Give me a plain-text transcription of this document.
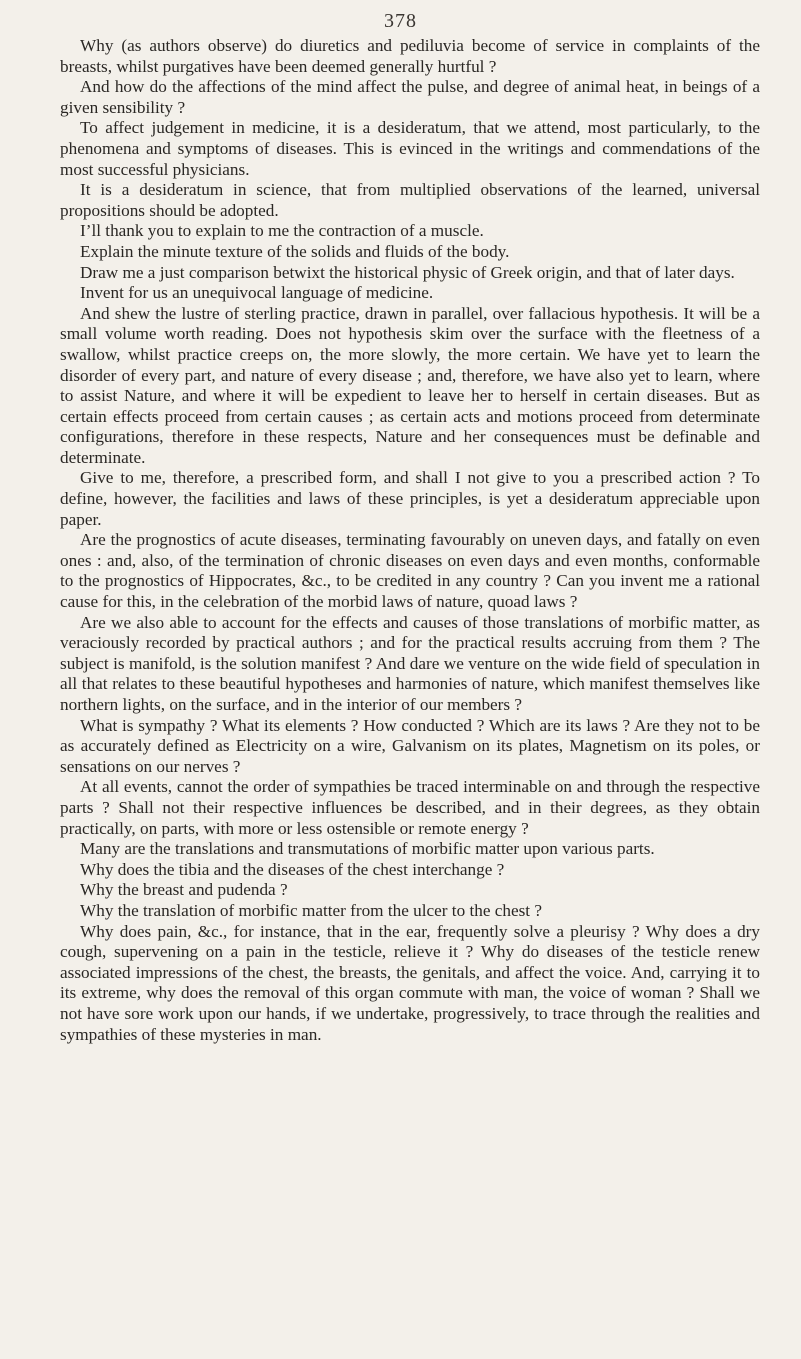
378

Why (as authors observe) do diuretics and pediluvia become of service in complaints of the breasts, whilst purgatives have been deemed generally hurtful ?

And how do the affections of the mind affect the pulse, and degree of animal heat, in beings of a given sensibility ?

To affect judgement in medicine, it is a desideratum, that we attend, most particularly, to the phenomena and symptoms of diseases. This is evinced in the writings and commendations of the most successful physicians.

It is a desideratum in science, that from multiplied observations of the learned, universal propositions should be adopted.

I’ll thank you to explain to me the contraction of a muscle.

Explain the minute texture of the solids and fluids of the body.

Draw me a just comparison betwixt the historical physic of Greek origin, and that of later days.

Invent for us an unequivocal language of medicine.

And shew the lustre of sterling practice, drawn in parallel, over fallacious hypothesis. It will be a small volume worth reading. Does not hypothesis skim over the surface with the fleetness of a swallow, whilst practice creeps on, the more slowly, the more certain. We have yet to learn the disorder of every part, and nature of every disease ; and, therefore, we have also yet to learn, where to assist Nature, and where it will be expedient to leave her to herself in certain diseases. But as certain effects proceed from certain causes ; as certain acts and motions proceed from determinate configurations, therefore in these respects, Nature and her consequences must be definable and determinate.

Give to me, therefore, a prescribed form, and shall I not give to you a prescribed action ? To define, however, the facilities and laws of these principles, is yet a desideratum appreciable upon paper.

Are the prognostics of acute diseases, terminating favourably on uneven days, and fatally on even ones : and, also, of the termination of chronic diseases on even days and even months, conformable to the prognostics of Hippocrates, &c., to be credited in any country ? Can you invent me a rational cause for this, in the celebration of the morbid laws of nature, quoad laws ?

Are we also able to account for the effects and causes of those translations of morbific matter, as veraciously recorded by practical authors ; and for the practical results accruing from them ? The subject is manifold, is the solution manifest ? And dare we venture on the wide field of speculation in all that relates to these beautiful hypotheses and harmonies of nature, which manifest themselves like northern lights, on the surface, and in the interior of our members ?

What is sympathy ? What its elements ? How conducted ? Which are its laws ? Are they not to be as accurately defined as Electricity on a wire, Galvanism on its plates, Magnetism on its poles, or sensations on our nerves ?

At all events, cannot the order of sympathies be traced interminable on and through the respective parts ? Shall not their respective influences be described, and in their degrees, as they obtain practically, on parts, with more or less ostensible or remote energy ?

Many are the translations and transmutations of morbific matter upon various parts.

Why does the tibia and the diseases of the chest interchange ?

Why the breast and pudenda ?

Why the translation of morbific matter from the ulcer to the chest ?

Why does pain, &c., for instance, that in the ear, frequently solve a pleurisy ? Why does a dry cough, supervening on a pain in the testicle, relieve it ? Why do diseases of the testicle renew associated impressions of the chest, the breasts, the genitals, and affect the voice. And, carrying it to its extreme, why does the removal of this organ commute with man, the voice of woman ? Shall we not have sore work upon our hands, if we undertake, progressively, to trace through the realities and sympathies of these mysteries in man.
